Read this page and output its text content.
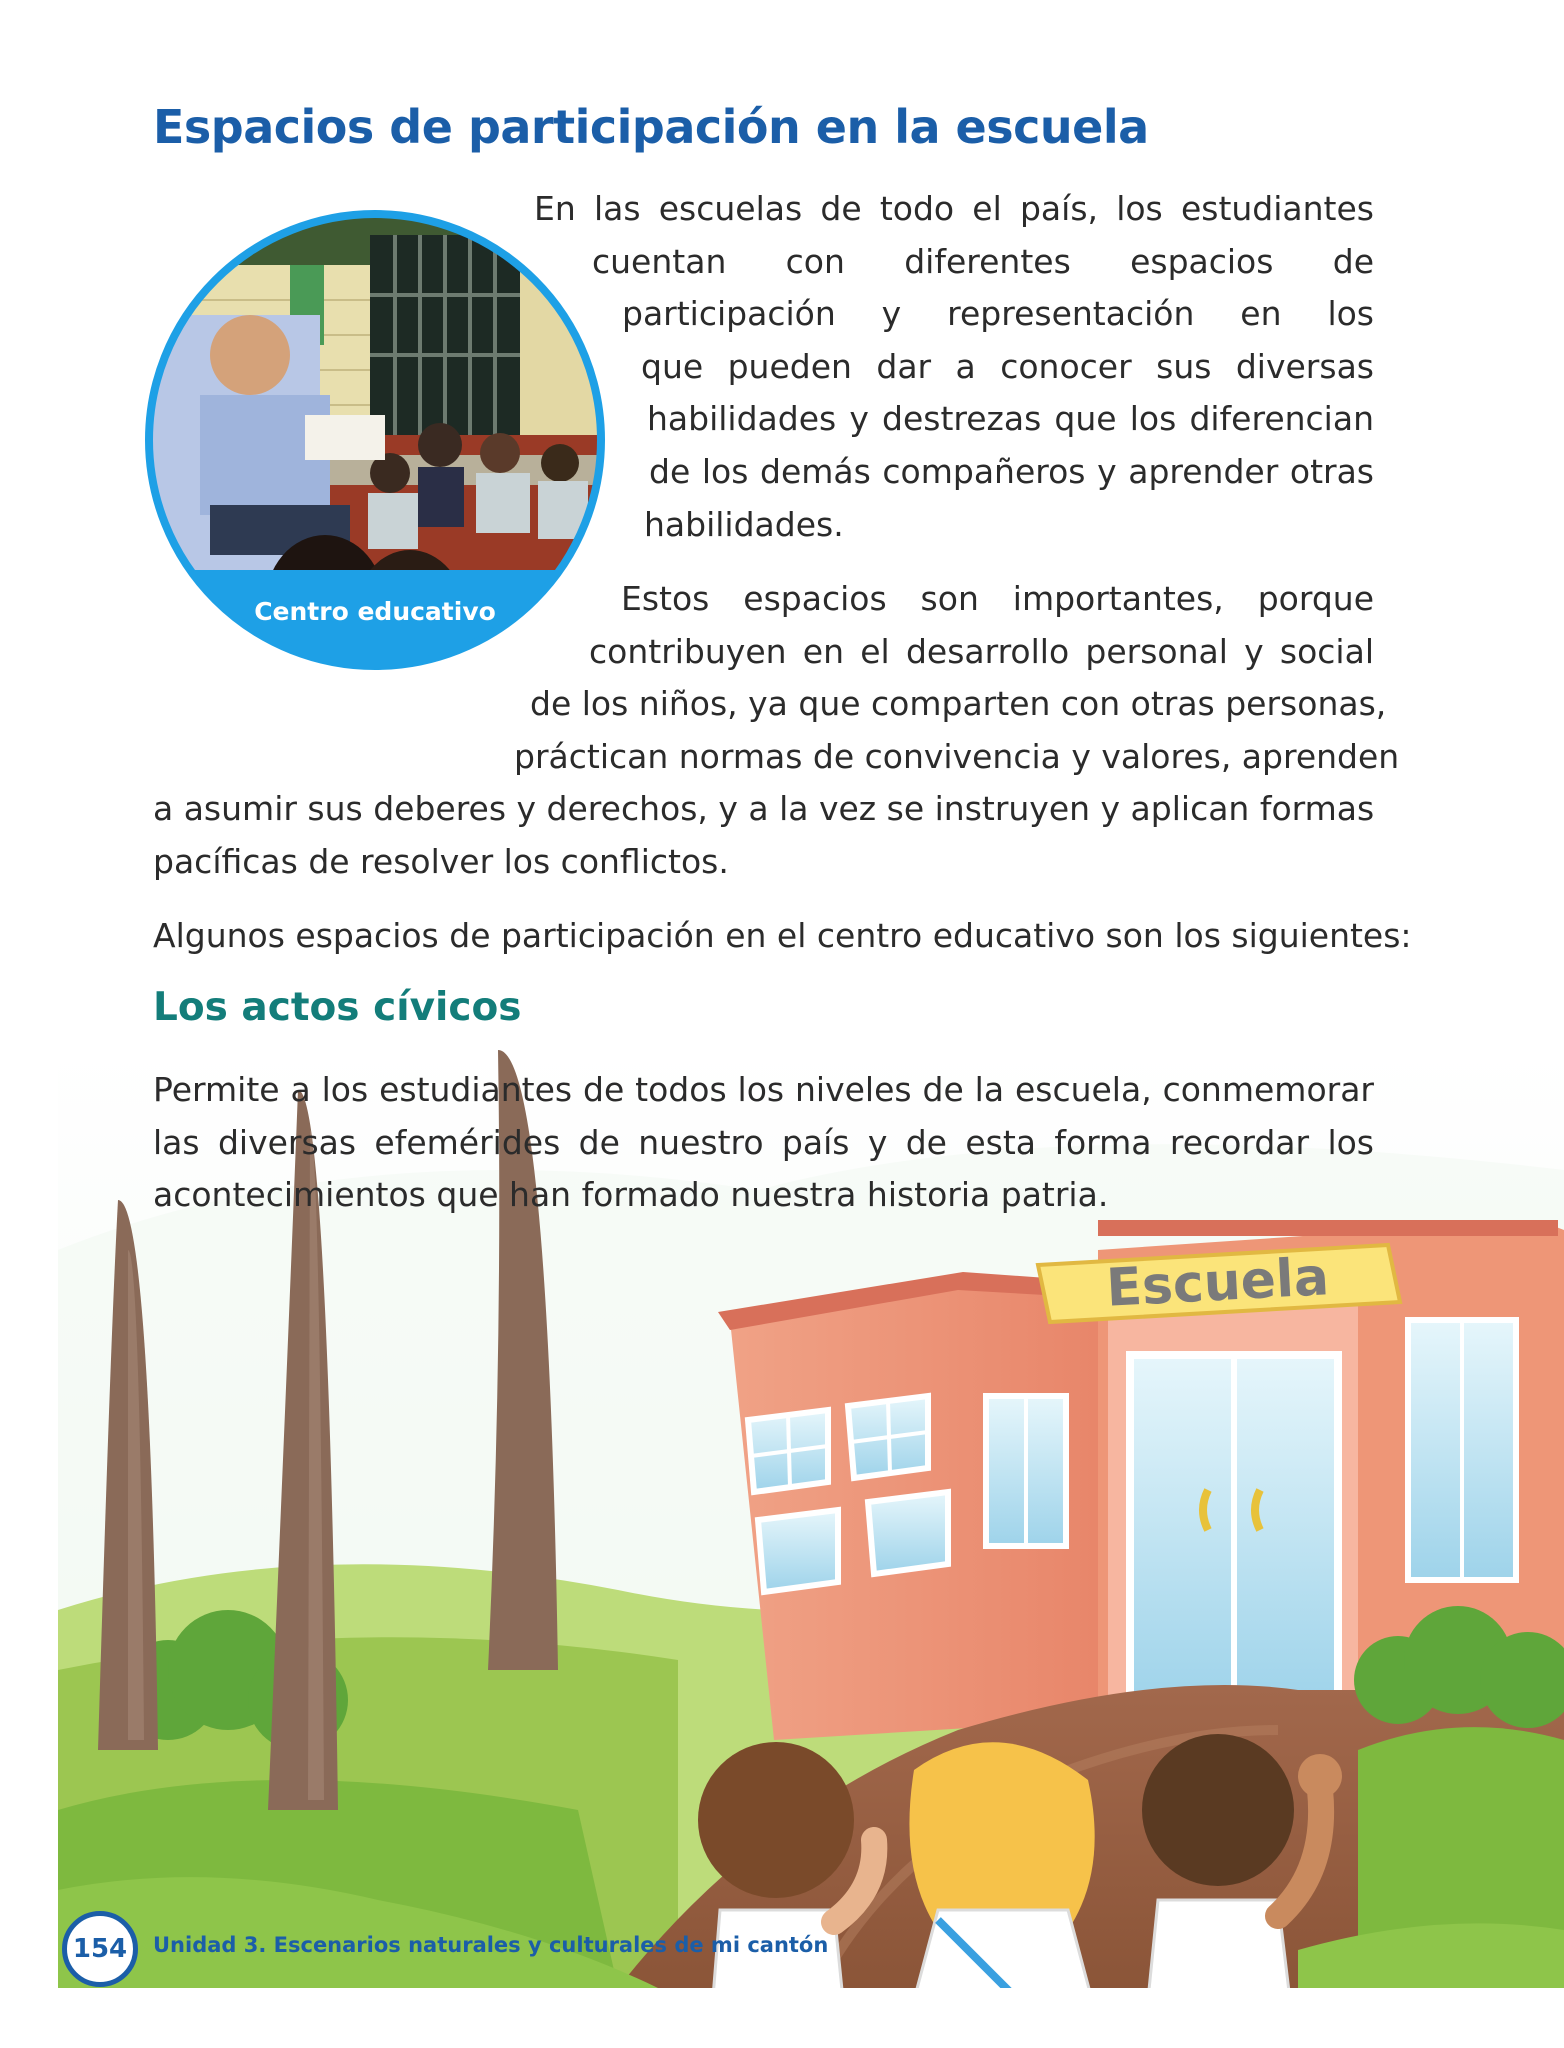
Espacios de participación en la escuela
Centro educativo
En las escuelas de todo el país, los estudiantes
cuentan con diferentes espacios de
participación y representación en los
que pueden dar a conocer sus diversas
habilidades y destrezas que los diferencian
de los demás compañeros y aprender otras
habilidades.
Estos espacios son importantes, porque
contribuyen en el desarrollo personal y social
de los niños, ya que comparten con otras personas,
práctican normas de convivencia y valores, aprenden
a asumir sus deberes y derechos, y a la vez se instruyen y aplican formas
pacíficas de resolver los conflictos.

Algunos espacios de participación en el centro educativo son los siguientes:

Los actos cívicos
Escuela
Permite a los estudiantes de todos los niveles de la escuela, conmemorar
las diversas efemérides de nuestro país y de esta forma recordar los
acontecimientos que han formado nuestra historia patria.
154 Unidad 3. Escenarios naturales y culturales de mi cantón
